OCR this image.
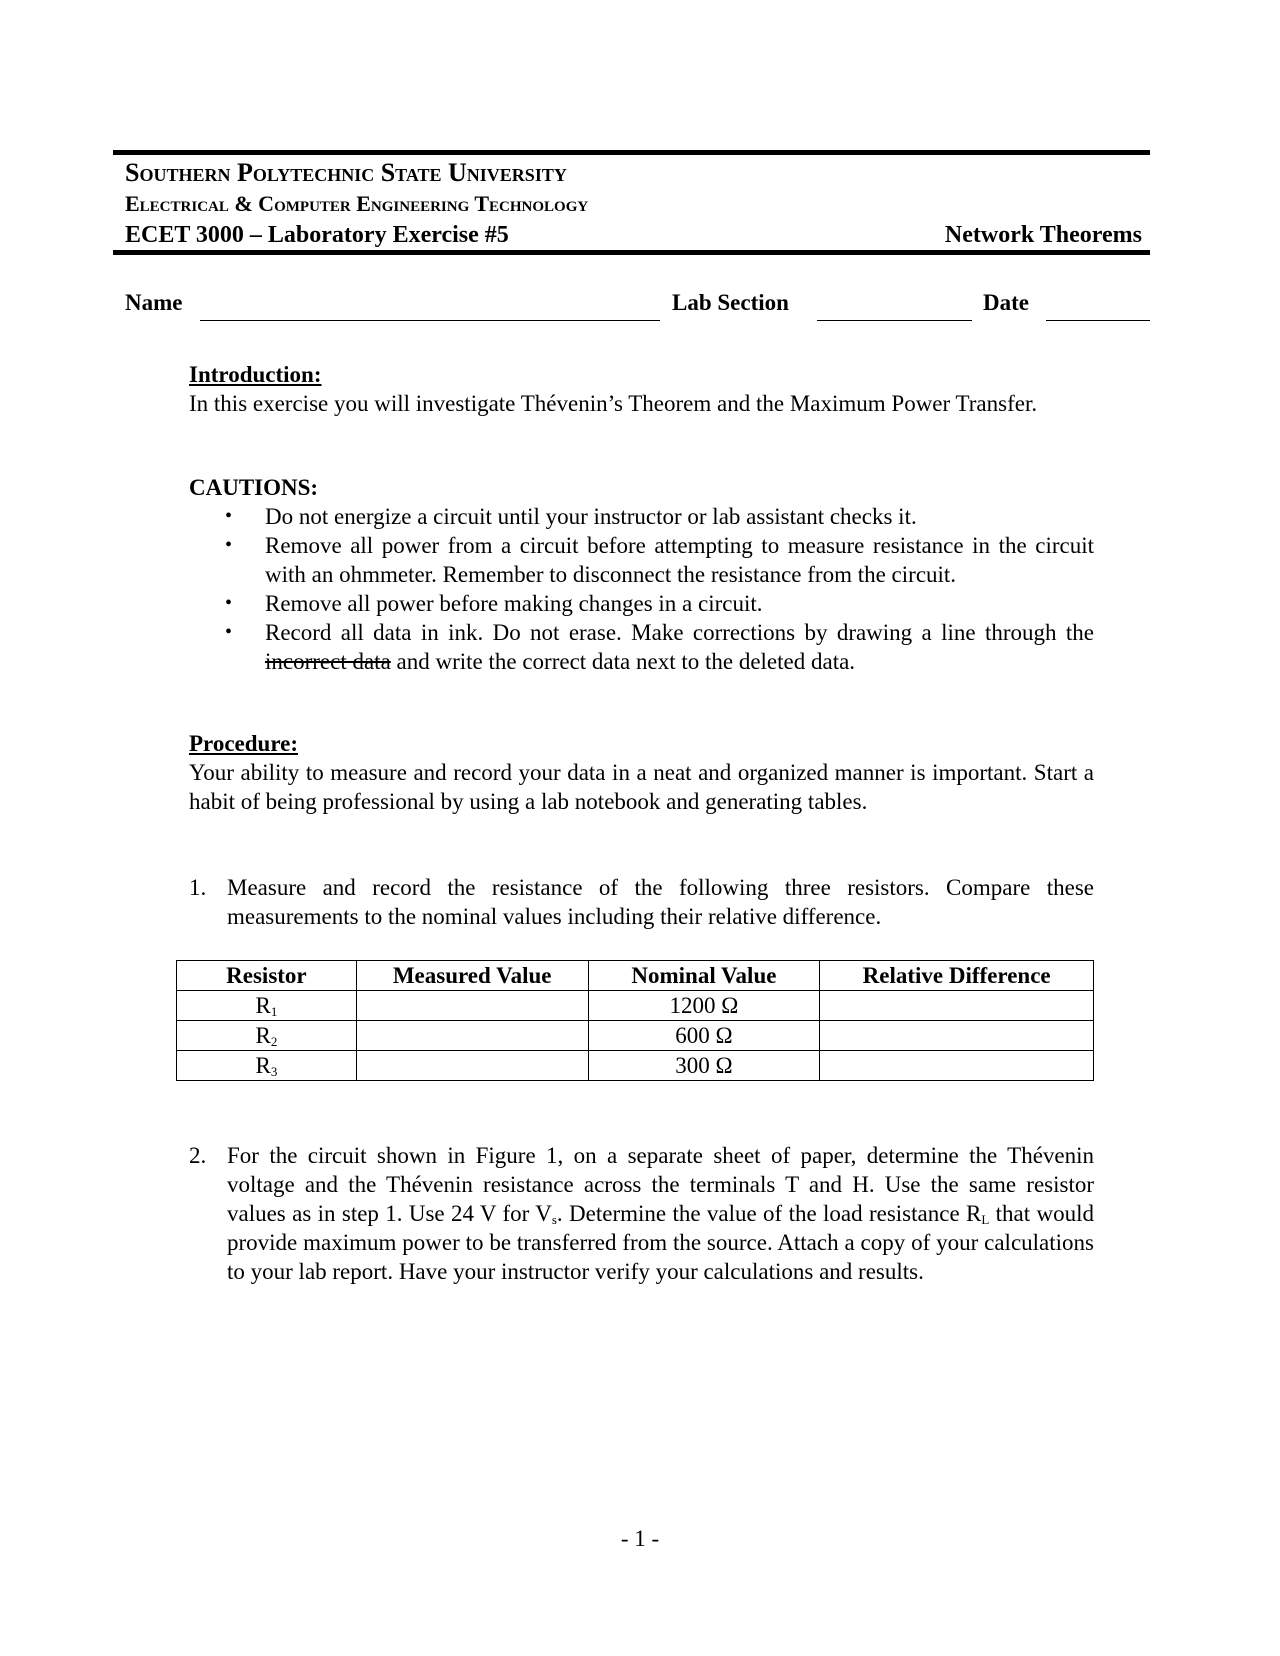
Southern Polytechnic State University
Electrical & Computer Engineering Technology
ECET 3000 – Laboratory Exercise #5	Network Theorems
Name	Lab Section	Date

Introduction:

In this exercise you will investigate Thévenin’s Theorem and the Maximum Power Transfer.

CAUTIONS:

• Do not energize a circuit until your instructor or lab assistant checks it.
• Remove all power from a circuit before attempting to measure resistance in the circuit with an ohmmeter. Remember to disconnect the resistance from the circuit.
• Remove all power before making changes in a circuit.
• Record all data in ink. Do not erase. Make corrections by drawing a line through the incorrect data and write the correct data next to the deleted data.

Procedure:

Your ability to measure and record your data in a neat and organized manner is important. Start a habit of being professional by using a lab notebook and generating tables.

1. Measure and record the resistance of the following three resistors. Compare these measurements to the nominal values including their relative difference.
Resistor	Measured Value	Nominal Value	Relative Difference
$R_1$		1200 Ω	
$R_2$		600 Ω	
$R_3$		300 Ω	
2. For the circuit shown in Figure 1, on a separate sheet of paper, determine the Thévenin voltage and the Thévenin resistance across the terminals T and H. Use the same resistor values as in step 1. Use 24 V for $V_s$. Determine the value of the load resistance $R_L$ that would provide maximum power to be transferred from the source. Attach a copy of your calculations to your lab report. Have your instructor verify your calculations and results.
- 1 -
